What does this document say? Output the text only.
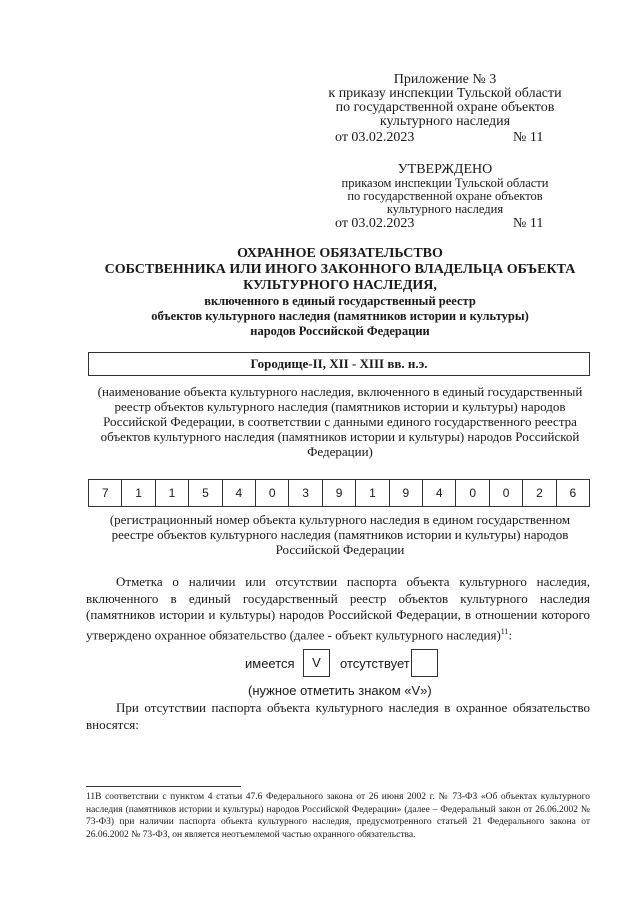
Приложение № 3
к приказу инспекции Тульской области
по государственной охране объектов
культурного наследия
от 03.02.2023	№ 11
УТВЕРЖДЕНО
приказом инспекции Тульской области
по государственной охране объектов
культурного наследия
от 03.02.2023	№ 11
ОХРАННОЕ ОБЯЗАТЕЛЬСТВО
СОБСТВЕННИКА ИЛИ ИНОГО ЗАКОННОГО ВЛАДЕЛЬЦА ОБЪЕКТА
КУЛЬТУРНОГО НАСЛЕДИЯ,
включенного в единый государственный реестр
объектов культурного наследия (памятников истории и культуры)
народов Российской Федерации
Городище-II, XII - XIII вв. н.э.
(наименование объекта культурного наследия, включенного в единый государственный
реестр объектов культурного наследия (памятников истории и культуры) народов
Российской Федерации, в соответствии с данными единого государственного реестра
объектов культурного наследия (памятников истории и культуры) народов Российской
Федерации)
7	1	1	5	4	0	3	9	1	9	4	0	0	2	6
(регистрационный номер объекта культурного наследия в едином государственном
реестре объектов культурного наследия (памятников истории и культуры) народов
Российской Федерации
Отметка о наличии или отсутствии паспорта объекта культурного наследия, включенного в единый государственный реестр объектов культурного наследия (памятников истории и культуры) народов Российской Федерации, в отношении которого утверждено охранное обязательство (далее - объект культурного наследия)$^{11}$:
имеется	V	отсутствует
(нужное отметить знаком «V»)
При отсутствии паспорта объекта культурного наследия в охранное обязательство вносятся:
11В соответствии с пунктом 4 статьи 47.6 Федерального закона от 26 июня 2002 г. № 73-ФЗ «Об объектах культурного наследия (памятников истории и культуры) народов Российской Федерации» (далее – Федеральный закон от 26.06.2002 № 73-ФЗ) при наличии паспорта объекта культурного наследия, предусмотренного статьей 21 Федерального закона от 26.06.2002 № 73-ФЗ, он является неотъемлемой частью охранного обязательства.
